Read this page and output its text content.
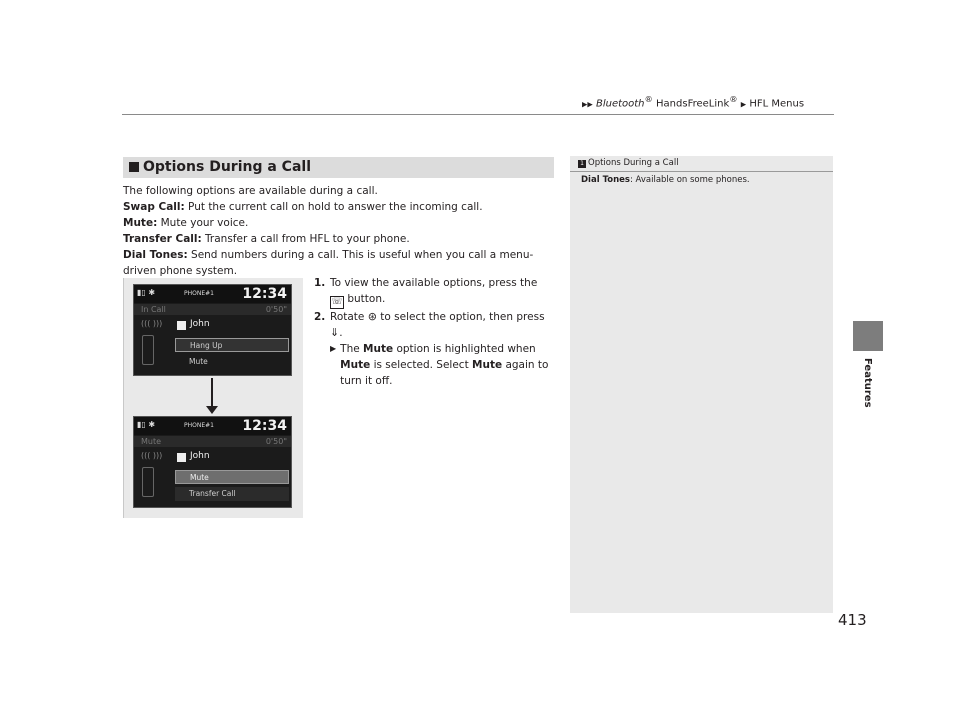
▶▶ Bluetooth® HandsFreeLink® ▶ HFL Menus
Features
413
Options During a Call

The following options are available during a call.

Swap Call: Put the current call on hold to answer the incoming call.

Mute: Mute your voice.

Transfer Call: Transfer a call from HFL to your phone.

Dial Tones: Send numbers during a call. This is useful when you call a menu-driven phone system.

▮▯ ✱	PHONE#1 12:34
In Call	0'50"
((( )))	John
Hang Up
Mute
▮▯ ✱	PHONE#1 12:34
Mute	0'50"
((( )))	John
Mute
Transfer Call
1. To view the available options, press the ☏ button.
2. Rotate ⊛ to select the option, then press ⇓.
▶ The Mute option is highlighted when Mute is selected. Select Mute again to turn it off.
1 Options During a Call
Dial Tones: Available on some phones.
